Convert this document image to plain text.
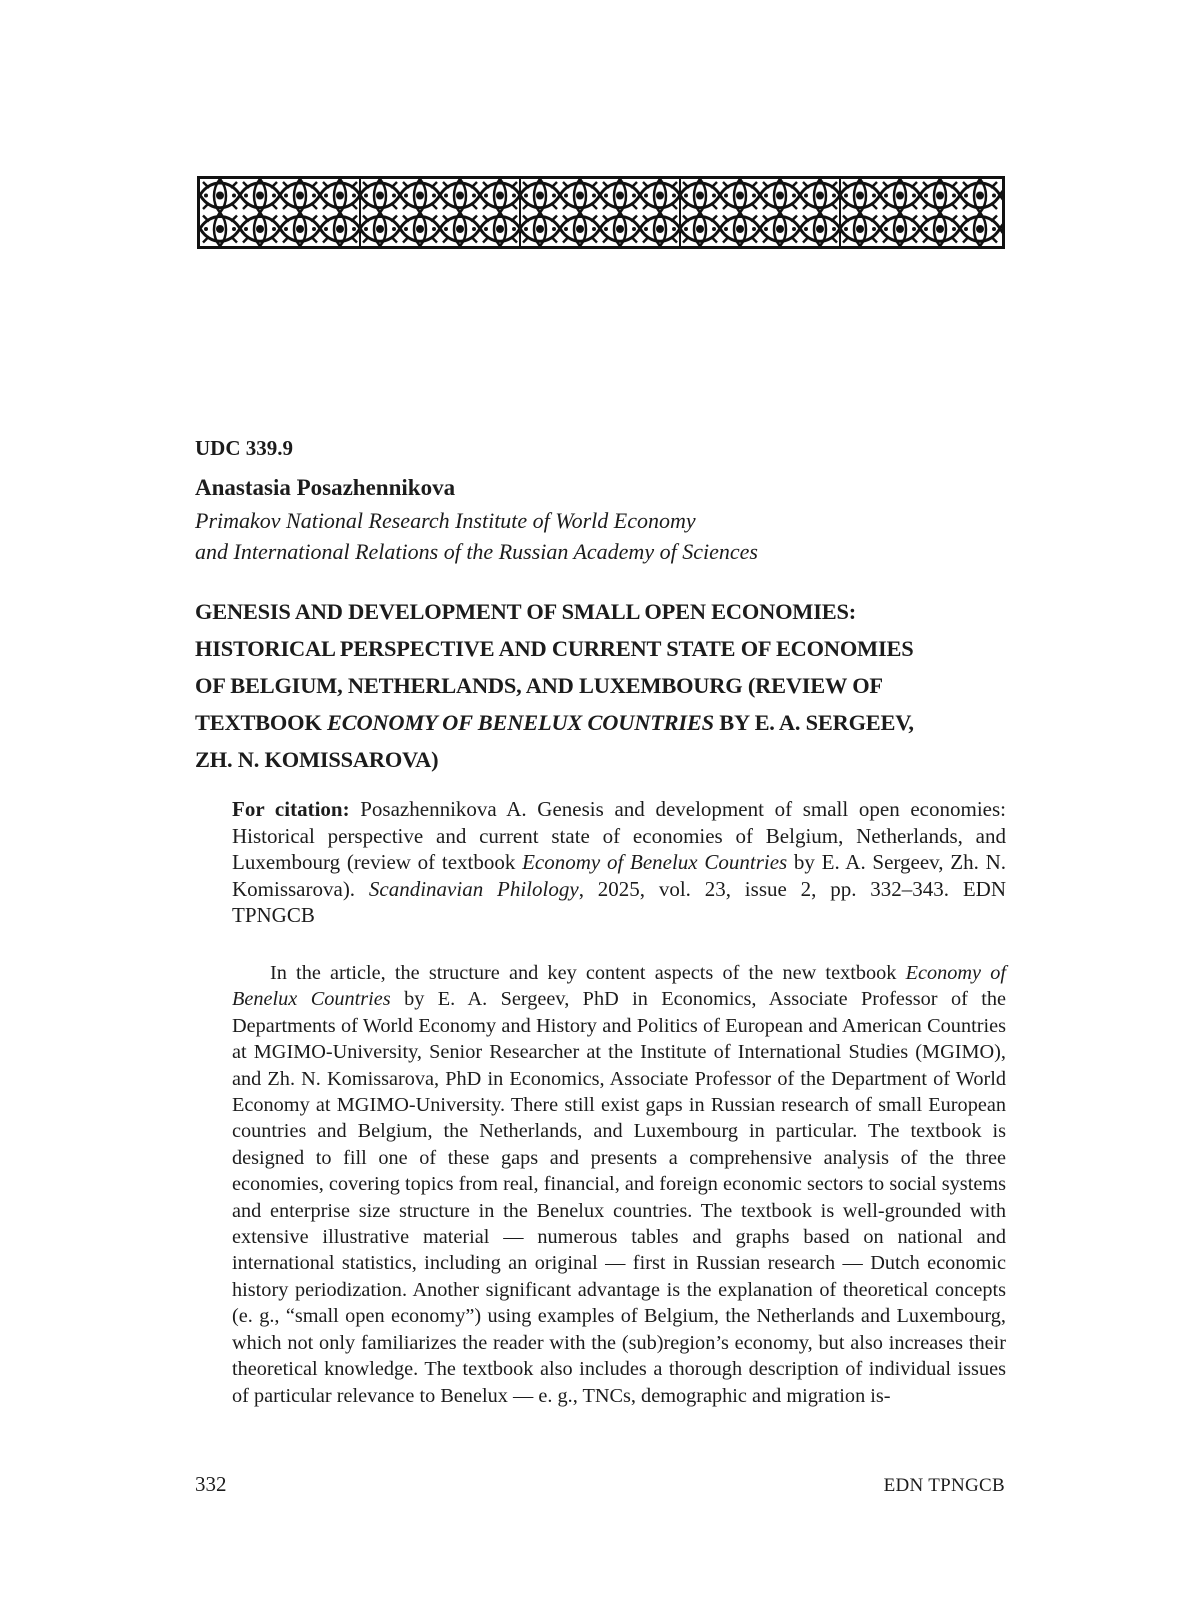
UDC 339.9
Anastasia Posazhennikova
Primakov National Research Institute of World Economy
and International Relations of the Russian Academy of Sciences
GENESIS AND DEVELOPMENT OF SMALL OPEN ECONOMIES:
HISTORICAL PERSPECTIVE AND CURRENT STATE OF ECONOMIES
OF BELGIUM, NETHERLANDS, AND LUXEMBOURG (REVIEW OF
TEXTBOOK ECONOMY OF BENELUX COUNTRIES BY E. A. SERGEEV,
ZH. N. KOMISSAROVA)
For citation: Posazhennikova A. Genesis and development of small open economies: Historical perspective and current state of economies of Belgium, Netherlands, and Luxembourg (review of textbook Economy of Benelux Countries by E. A. Sergeev, Zh. N. Komissarova). Scandinavian Philology, 2025, vol. 23, issue 2, pp. 332–343. EDN TPNGCB
In the article, the structure and key content aspects of the new textbook Economy of Benelux Countries by E. A. Sergeev, PhD in Economics, Associate Professor of the Departments of World Economy and History and Politics of European and American Countries at MGIMO-University, Senior Researcher at the Institute of International Studies (MGIMO), and Zh. N. Komissarova, PhD in Economics, Associate Professor of the Department of World Economy at MGIMO-University. There still exist gaps in Russian research of small European countries and Belgium, the Netherlands, and Luxembourg in particular. The textbook is designed to fill one of these gaps and presents a comprehensive analysis of the three economies, covering topics from real, financial, and foreign economic sectors to social systems and enterprise size structure in the Benelux countries. The textbook is well-grounded with extensive illustrative material — numerous tables and graphs based on national and international statistics, including an original — first in Russian research — Dutch economic history periodization. Another significant advantage is the explanation of theoretical concepts (e. g., “small open economy”) using examples of Belgium, the Netherlands and Luxembourg, which not only familiarizes the reader with the (sub)region’s economy, but also increases their theoretical knowledge. The textbook also includes a thorough description of individual issues of particular relevance to Benelux — e. g., TNCs, demographic and migration is-
332	EDN TPNGCB
